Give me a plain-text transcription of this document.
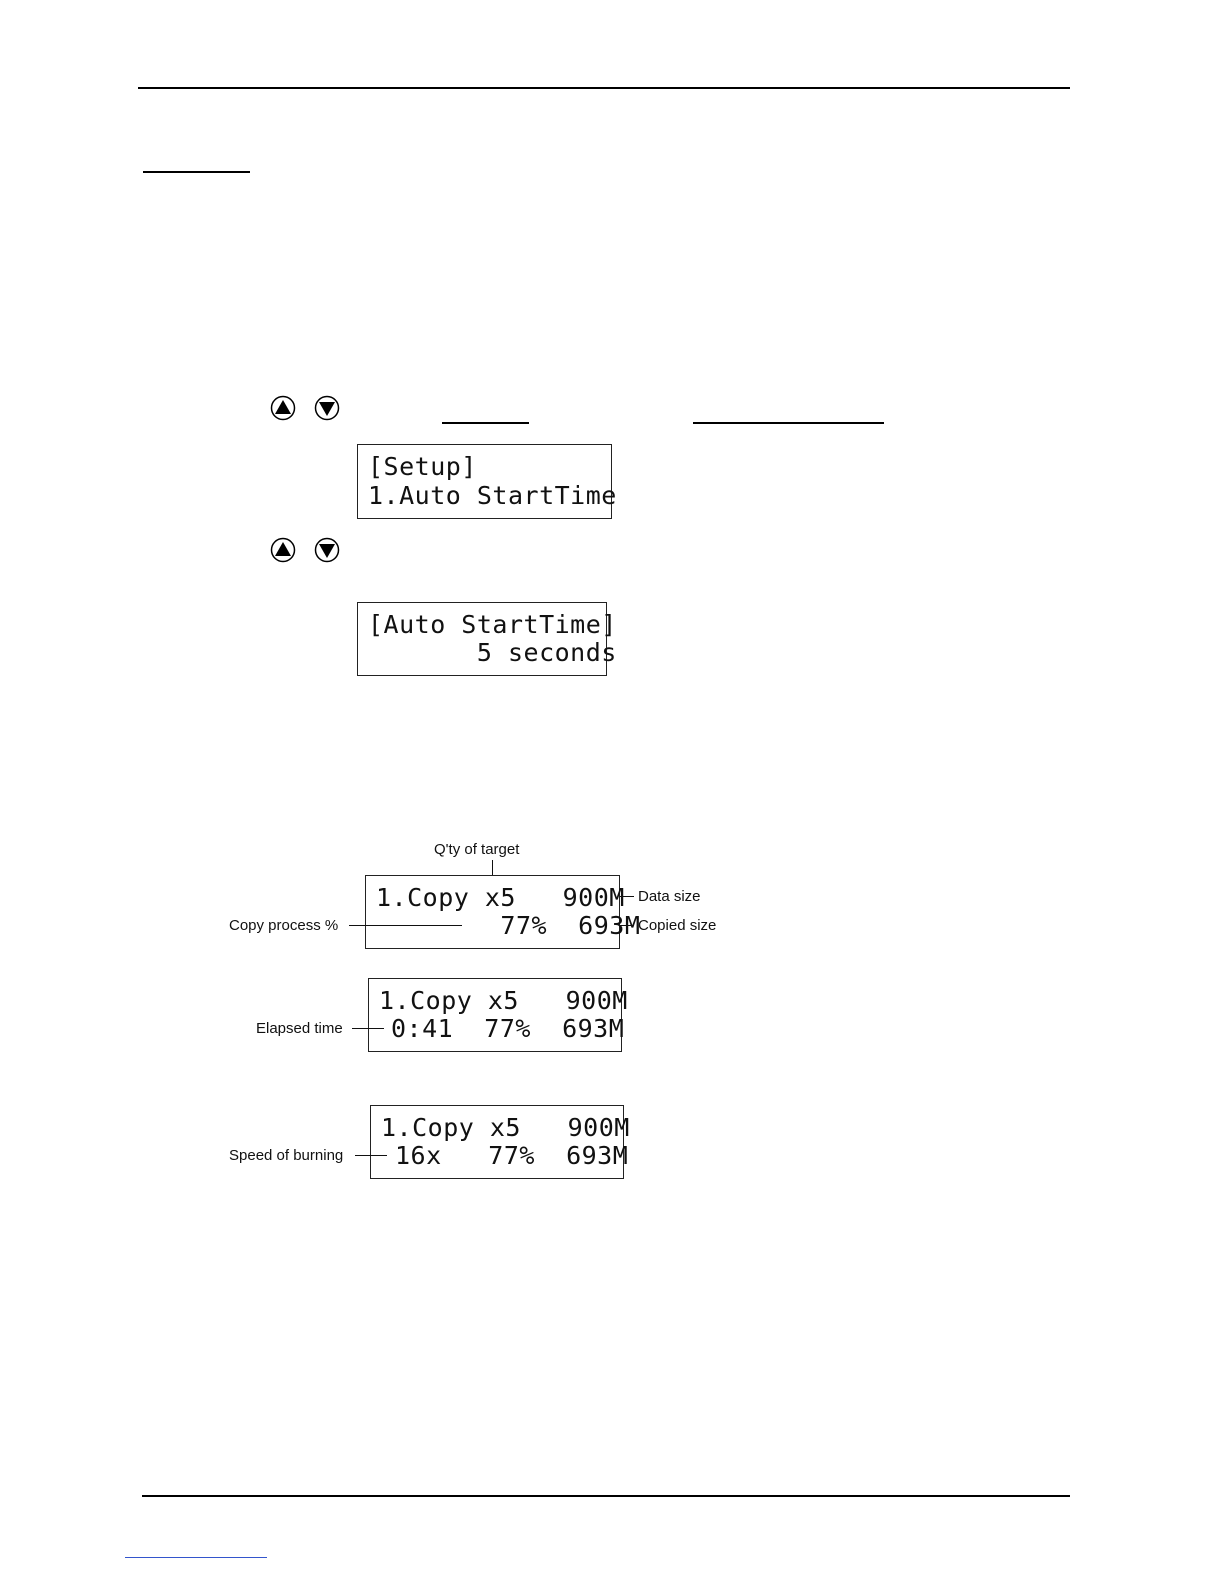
[Setup]
1.Auto StartTime
[Auto StartTime]
5 seconds
Q'ty of target
1.Copy x5   900M
77%  693M
Data size
Copy process %	Copied size
1.Copy x5   900M
0:41  77%  693M
Elapsed time
1.Copy x5   900M
16x   77%  693M
Speed of burning
